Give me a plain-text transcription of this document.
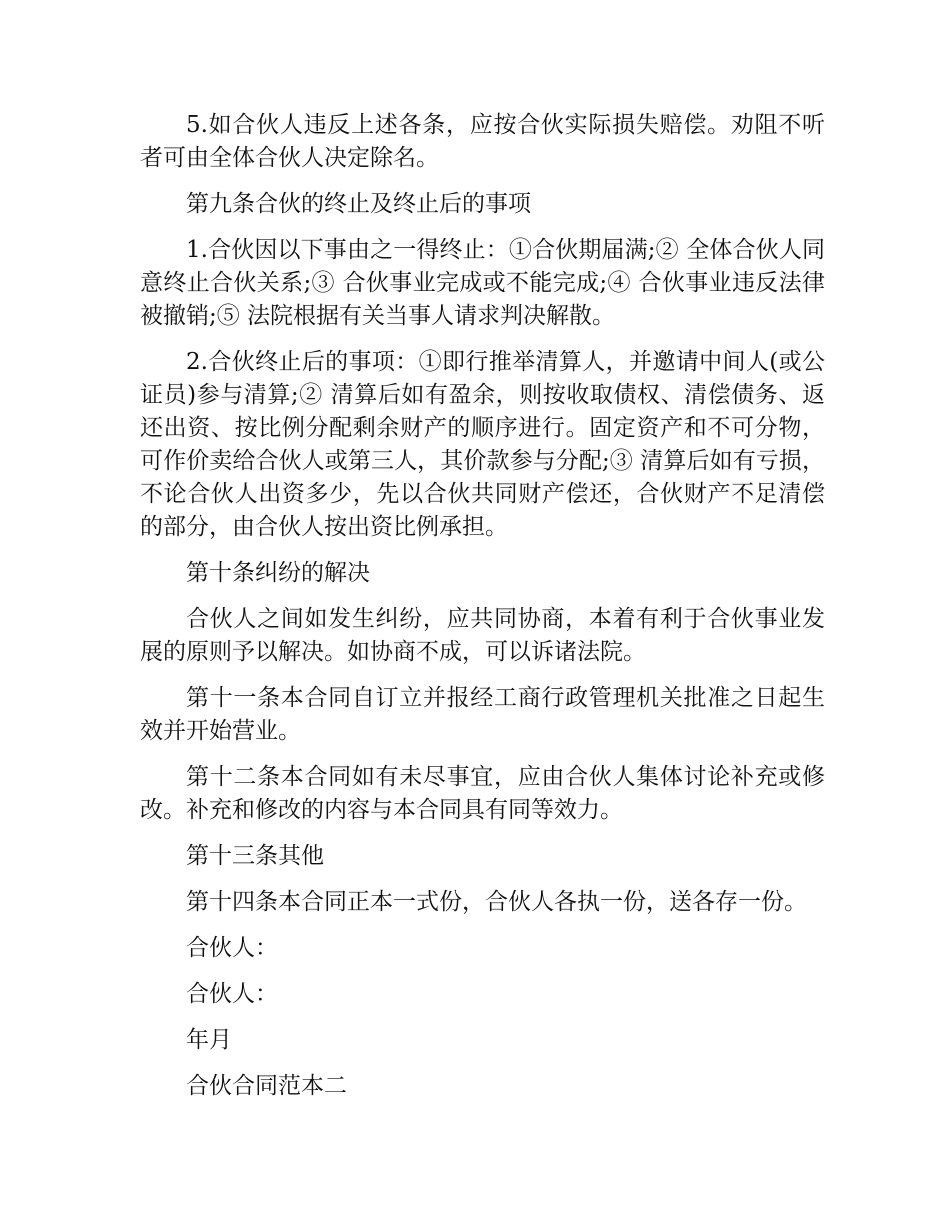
5.如合伙人违反上述各条，应按合伙实际损失赔偿。劝阻不听者可由全体合伙人决定除名。

第九条合伙的终止及终止后的事项

1.合伙因以下事由之一得终止：①合伙期届满;② 全体合伙人同意终止合伙关系;③ 合伙事业完成或不能完成;④ 合伙事业违反法律被撤销;⑤ 法院根据有关当事人请求判决解散。

2.合伙终止后的事项：①即行推举清算人，并邀请中间人(或公证员)参与清算;② 清算后如有盈余，则按收取债权、清偿债务、返还出资、按比例分配剩余财产的顺序进行。固定资产和不可分物，可作价卖给合伙人或第三人，其价款参与分配;③ 清算后如有亏损，不论合伙人出资多少，先以合伙共同财产偿还，合伙财产不足清偿的部分，由合伙人按出资比例承担。

第十条纠纷的解决

合伙人之间如发生纠纷，应共同协商，本着有利于合伙事业发展的原则予以解决。如协商不成，可以诉诸法院。

第十一条本合同自订立并报经工商行政管理机关批准之日起生效并开始营业。

第十二条本合同如有未尽事宜，应由合伙人集体讨论补充或修改。补充和修改的内容与本合同具有同等效力。

第十三条其他

第十四条本合同正本一式份，合伙人各执一份，送各存一份。

合伙人：

合伙人：

年月

合伙合同范本二
